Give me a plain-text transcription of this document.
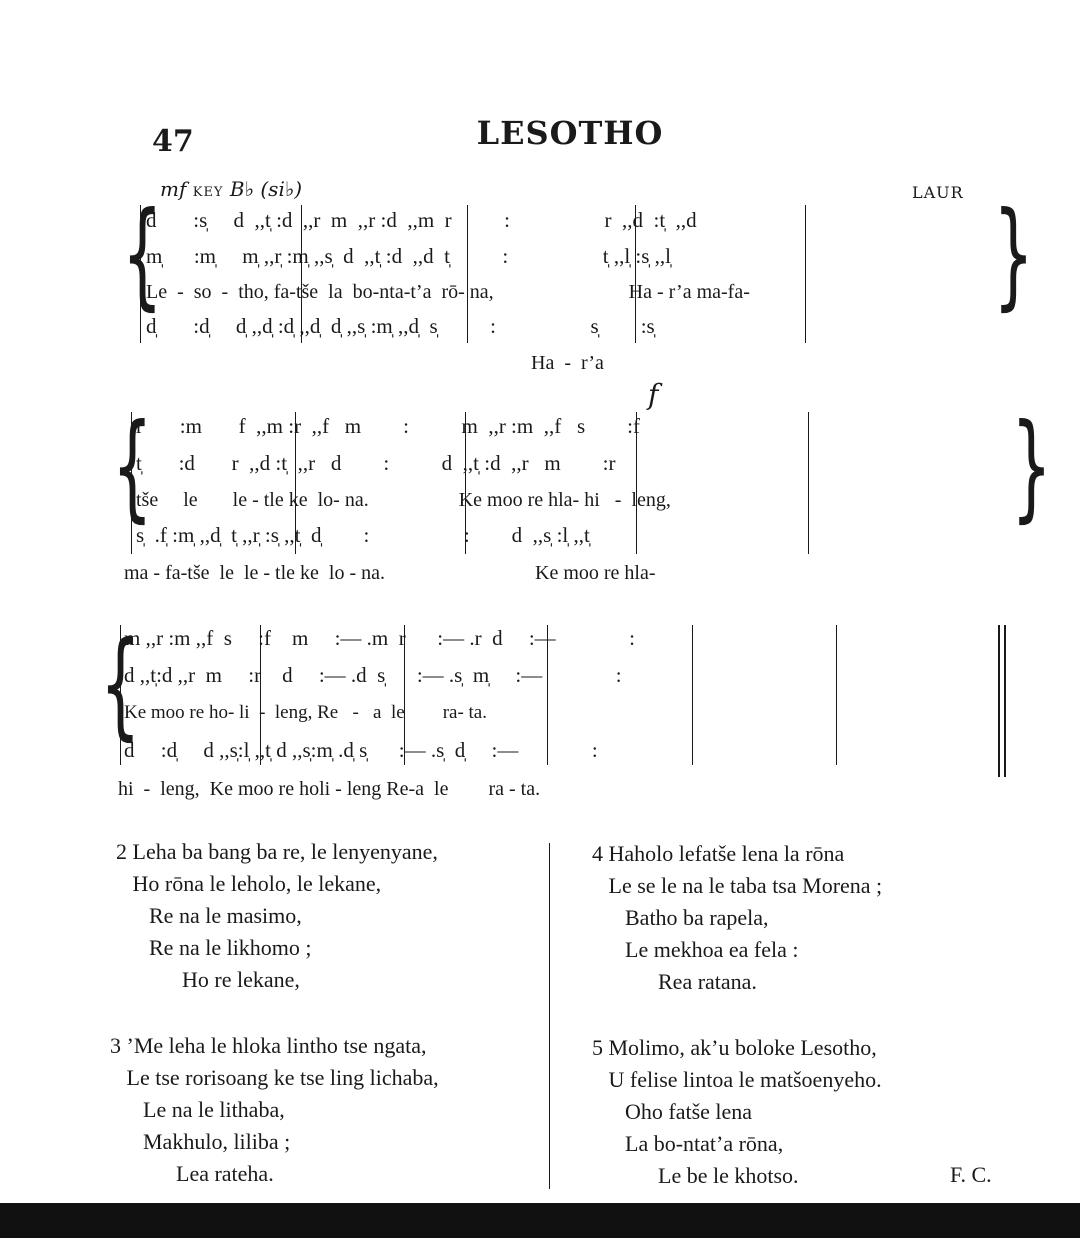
47	LESOTHO
mf KEY B♭ (si♭)	LAUR
{	}
d       :s̩     d  ,,t̩ :d  ,,r  m  ,,r :d  ,,m  r          :                  r  ,,d  :t̩  ,,d
m̩      :m̩     m̩ ,,r̩ :m̩ ,,s̩  d  ,,t̩ :d  ,,d  t̩          :                  t̩ ,,l̩ :s̩ ,,l̩
Le  -  so  -  tho, fa-tše  la  bo-nta-t’a  rō- na,                           Ha - r’a ma-fa-
d̩       :d̩     d̩ ,,d̩ :d̩ ,,d̩  d̩ ,,s̩ :m̩ ,,d̩  s̩          :                  s̩        :s̩
Ha  -  r’a
f
{	}
r       :m       f  ,,m :r  ,,f   m        :          m  ,,r :m  ,,f   s        :f
t̩       :d       r  ,,d :t̩  ,,r   d        :          d  ,,t̩ :d  ,,r   m        :r
tše     le       le - tle ke  lo- na.                  Ke moo re hla- hi   -  leng,
s̩  .f̩ :m̩ ,,d̩  t̩ ,,r̩ :s̩ ,,t̩  d̩        :                  :        d  ,,s̩ :l̩ ,,t̩
ma - fa-tše  le  le - tle ke  lo - na.                              Ke moo re hla-
{
m ,,r :m ,,f  s     :f    m     :— .m  r      :— .r  d     :—              :
d ,,t̩:d ,,r  m     :r    d     :— .d  s̩      :— .s̩  m̩     :—              :
Ke moo re ho- li  -  leng, Re   -   a  le        ra- ta.
d     :d̩     d ,,s̩:l̩ ,,t̩ d ,,s̩:m̩ .d̩ s̩      :— .s̩  d̩     :—              :
hi  -  leng,  Ke moo re holi - leng Re-a  le        ra - ta.
2 Leha ba bang ba re, le lenyenyane,
Ho rōna le leholo, le lekane,
Re na le masimo,
Re na le likhomo ;
Ho re lekane,
3 ’Me leha le hloka lintho tse ngata,
Le tse rorisoang ke tse ling lichaba,
Le na le lithaba,
Makhulo, liliba ;
Lea rateha.
4 Haholo lefatše lena la rōna
Le se le na le taba tsa Morena ;
Batho ba rapela,
Le mekhoa ea fela :
Rea ratana.
5 Molimo, ak’u boloke Lesotho,
U felise lintoa le matšoenyeho.
Oho fatše lena
La bo-ntat’a rōna,
Le be le khotso.	F. C.
